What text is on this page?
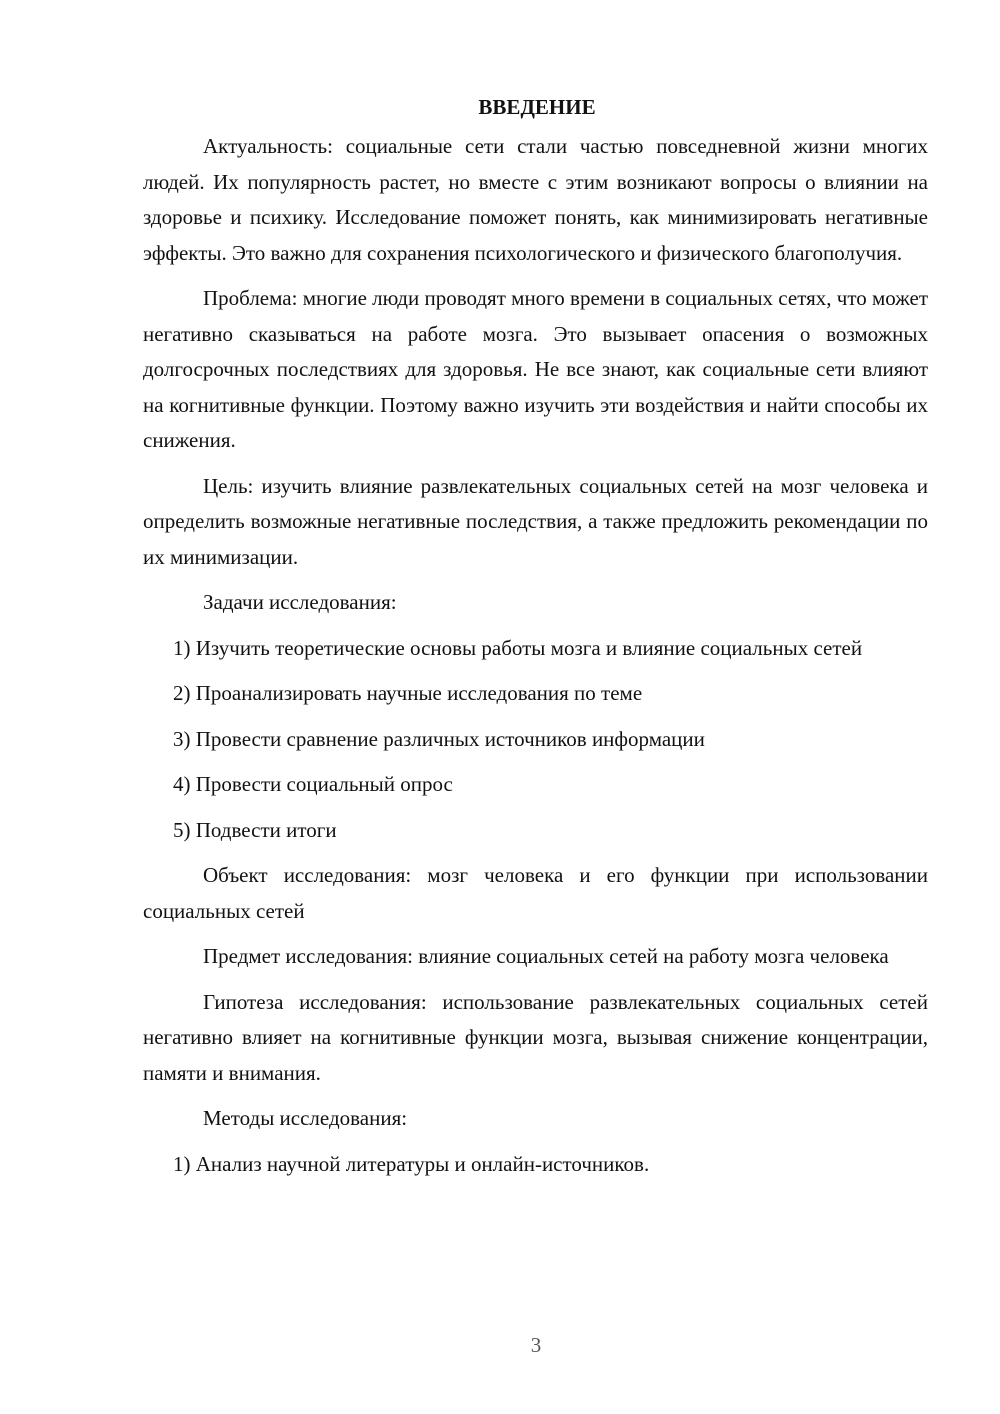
ВВЕДЕНИЕ

Актуальность: социальные сети стали частью повседневной жизни многих людей. Их популярность растет, но вместе с этим возникают вопросы о влиянии на здоровье и психику. Исследование поможет понять, как минимизировать негативные эффекты. Это важно для сохранения психологического и физического благополучия.

Проблема: многие люди проводят много времени в социальных сетях, что может негативно сказываться на работе мозга. Это вызывает опасения о возможных долгосрочных последствиях для здоровья. Не все знают, как социальные сети влияют на когнитивные функции. Поэтому важно изучить эти воздействия и найти способы их снижения.

Цель: изучить влияние развлекательных социальных сетей на мозг человека и определить возможные негативные последствия, а также предложить рекомендации по их минимизации.

Задачи исследования:

1) Изучить теоретические основы работы мозга и влияние социальных сетей

2) Проанализировать научные исследования по теме

3) Провести сравнение различных источников информации

4) Провести социальный опрос

5) Подвести итоги

Объект исследования: мозг человека и его функции при использовании социальных сетей

Предмет исследования: влияние социальных сетей на работу мозга человека

Гипотеза исследования: использование развлекательных социальных сетей негативно влияет на когнитивные функции мозга, вызывая снижение концентрации, памяти и внимания.

Методы исследования:

1) Анализ научной литературы и онлайн-источников.

3
